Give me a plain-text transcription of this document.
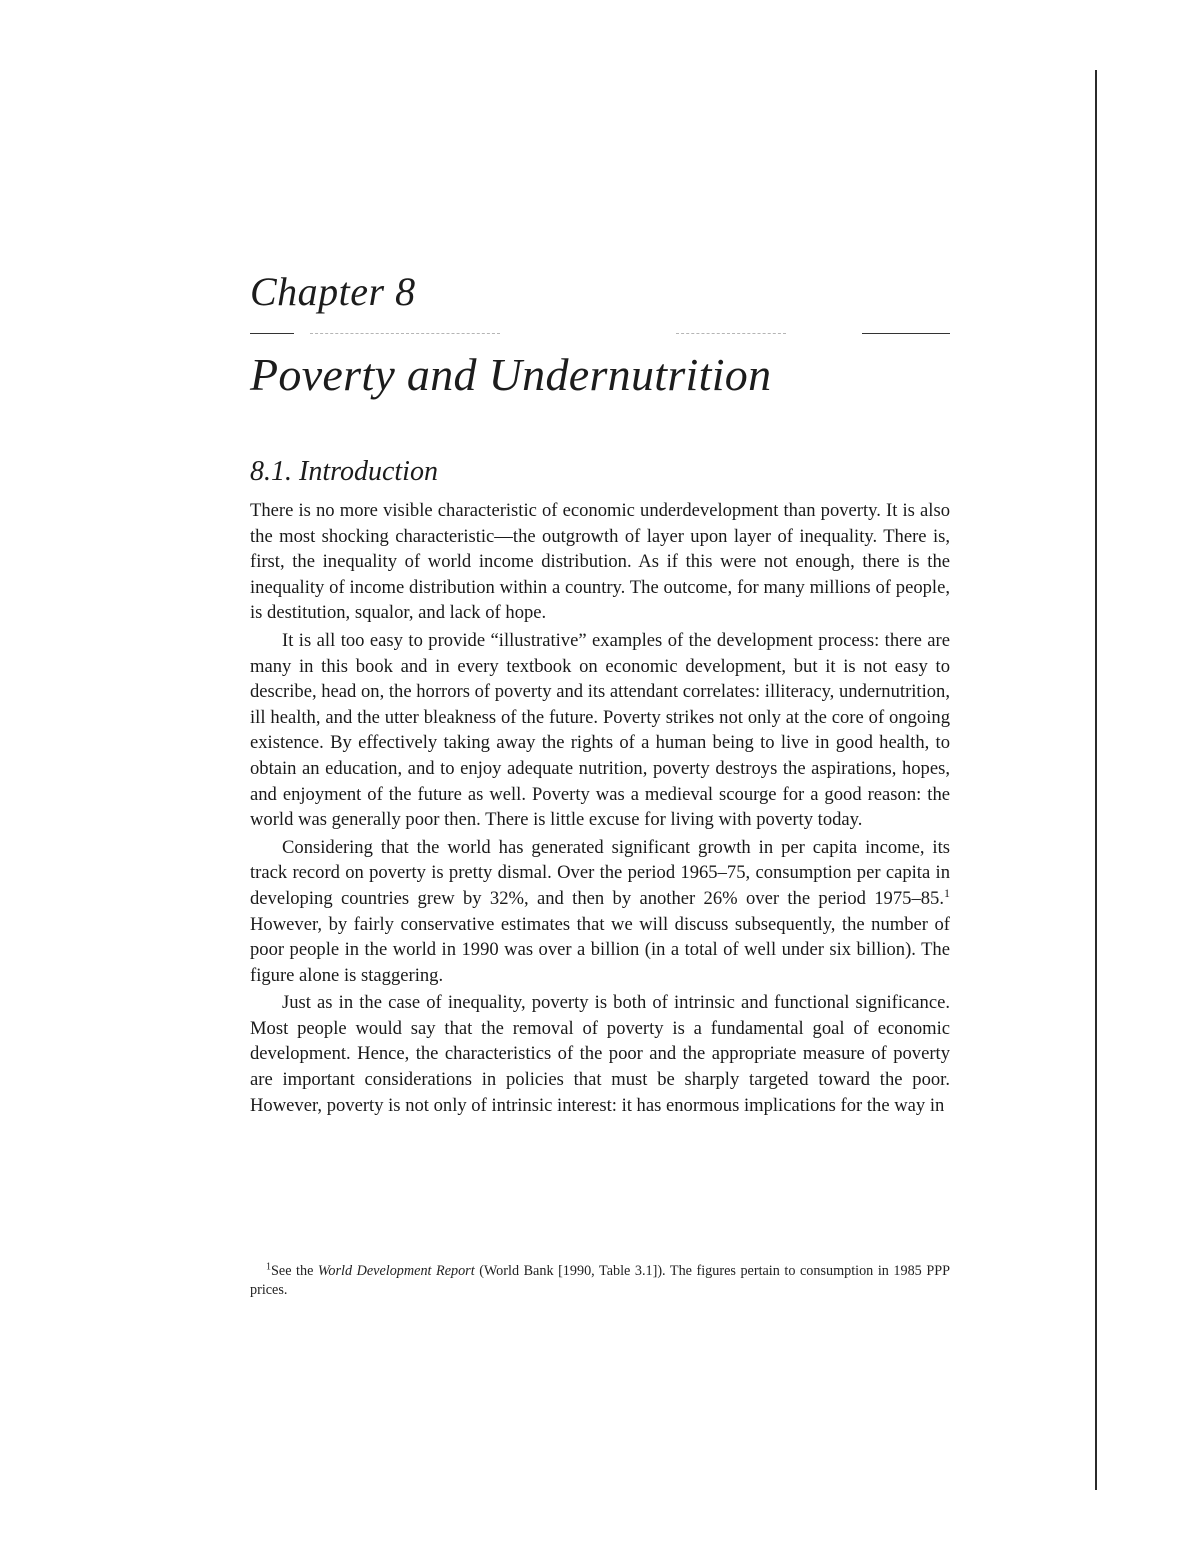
Chapter 8
Poverty and Undernutrition
8.1. Introduction

There is no more visible characteristic of economic underdevelopment than poverty. It is also the most shocking characteristic—the outgrowth of layer upon layer of inequality. There is, first, the inequality of world income distribution. As if this were not enough, there is the inequality of income distribution within a country. The outcome, for many millions of people, is destitution, squalor, and lack of hope.

It is all too easy to provide “illustrative” examples of the development process: there are many in this book and in every textbook on economic development, but it is not easy to describe, head on, the horrors of poverty and its attendant correlates: illiteracy, undernutrition, ill health, and the utter bleakness of the future. Poverty strikes not only at the core of ongoing existence. By effectively taking away the rights of a human being to live in good health, to obtain an education, and to enjoy adequate nutrition, poverty destroys the aspirations, hopes, and enjoyment of the future as well. Poverty was a medieval scourge for a good reason: the world was generally poor then. There is little excuse for living with poverty today.

Considering that the world has generated significant growth in per capita income, its track record on poverty is pretty dismal. Over the period 1965–75, consumption per capita in developing countries grew by 32%, and then by another 26% over the period 1975–85.$^1$ However, by fairly conservative estimates that we will discuss subsequently, the number of poor people in the world in 1990 was over a billion (in a total of well under six billion). The figure alone is staggering.

Just as in the case of inequality, poverty is both of intrinsic and functional significance. Most people would say that the removal of poverty is a fundamental goal of economic development. Hence, the characteristics of the poor and the appropriate measure of poverty are important considerations in policies that must be sharply targeted toward the poor. However, poverty is not only of intrinsic interest: it has enormous implications for the way in

$^1$See the World Development Report (World Bank [1990, Table 3.1]). The figures pertain to consumption in 1985 PPP prices.
